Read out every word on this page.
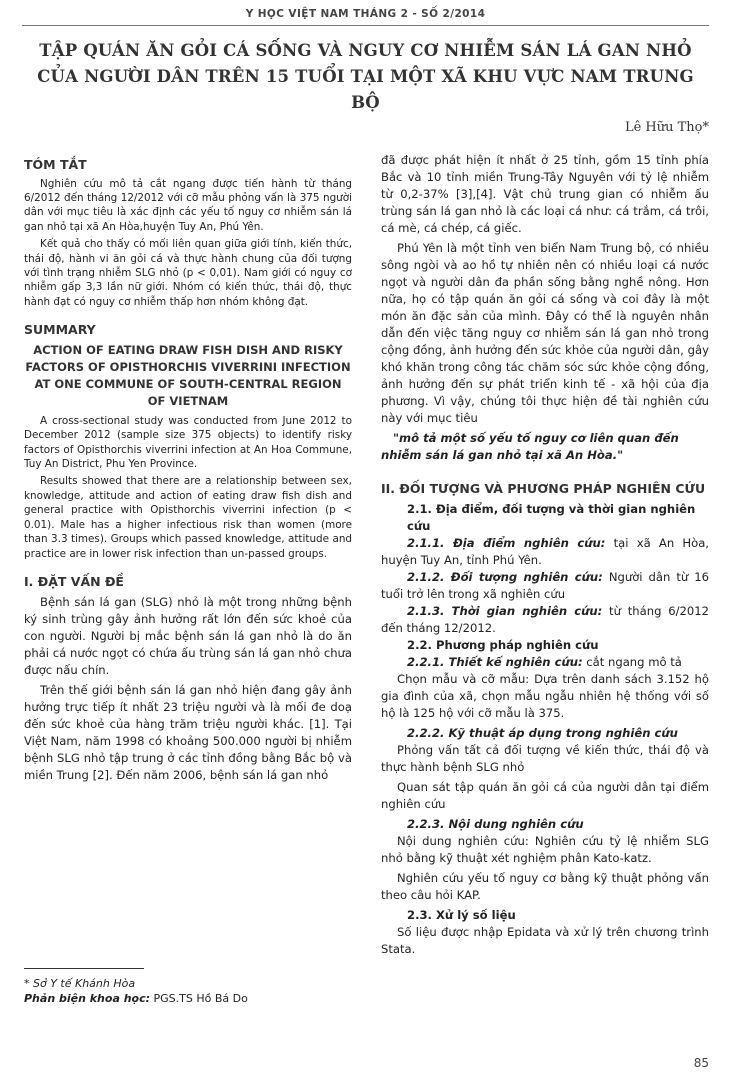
Y HỌC VIỆT NAM THÁNG 2 - SỐ 2/2014
TẬP QUÁN ĂN GỎI CÁ SỐNG VÀ NGUY CƠ NHIỄM SÁN LÁ GAN NHỎ
CỦA NGƯỜI DÂN TRÊN 15 TUỔI TẠI MỘT XÃ KHU VỰC NAM TRUNG BỘ
Lê Hữu Thọ*
TÓM TẮT

Nghiên cứu mô tả cắt ngang được tiến hành từ tháng 6/2012 đến tháng 12/2012 với cỡ mẫu phỏng vấn là 375 người dân với mục tiêu là xác định các yếu tố nguy cơ nhiễm sán lá gan nhỏ tại xã An Hòa,huyện Tuy An, Phú Yên.

Kết quả cho thấy có mối liên quan giữa giới tính, kiến thức, thái độ, hành vi ăn gỏi cá và thực hành chung của đối tượng với tình trạng nhiễm SLG nhỏ (p < 0,01). Nam giới có nguy cơ nhiễm gấp 3,3 lần nữ giới. Nhóm có kiến thức, thái độ, thực hành đạt có nguy cơ nhiễm thấp hơn nhóm không đạt.

SUMMARY
ACTION OF EATING DRAW FISH DISH AND RISKY FACTORS OF OPISTHORCHIS VIVERRINI INFECTION AT ONE COMMUNE OF SOUTH-CENTRAL REGION OF VIETNAM

A cross-sectional study was conducted from June 2012 to December 2012 (sample size 375 objects) to identify risky factors of Opisthorchis viverrini infection at An Hoa Commune, Tuy An District, Phu Yen Province.

Results showed that there are a relationship between sex, knowledge, attitude and action of eating draw fish dish and general practice with Opisthorchis viverrini infection (p < 0.01). Male has a higher infectious risk than women (more than 3.3 times). Groups which passed knowledge, attitude and practice are in lower risk infection than un-passed groups.

I. ĐẶT VẤN ĐỀ

Bệnh sán lá gan (SLG) nhỏ là một trong những bệnh ký sinh trùng gây ảnh hưởng rất lớn đến sức khoẻ của con người. Người bị mắc bệnh sán lá gan nhỏ là do ăn phải cá nước ngọt có chứa ấu trùng sán lá gan nhỏ chưa được nấu chín.

Trên thế giới bệnh sán lá gan nhỏ hiện đang gây ảnh hưởng trực tiếp ít nhất 23 triệu người và là mối đe doạ đến sức khoẻ của hàng trăm triệu người khác. [1]. Tại Việt Nam, năm 1998 có khoảng 500.000 người bị nhiễm bệnh SLG nhỏ tập trung ở các tỉnh đồng bằng Bắc bộ và miền Trung [2]. Đến năm 2006, bệnh sán lá gan nhỏ

* Sở Y tế Khánh Hòa
Phản biện khoa học: PGS.TS Hồ Bá Do

đã được phát hiện ít nhất ở 25 tỉnh, gồm 15 tỉnh phía Bắc và 10 tỉnh miền Trung-Tây Nguyên với tỷ lệ nhiễm từ 0,2-37% [3],[4]. Vật chủ trung gian có nhiễm ấu trùng sán lá gan nhỏ là các loại cá như: cá trắm, cá trôi, cá mè, cá chép, cá giếc.

Phú Yên là một tỉnh ven biển Nam Trung bộ, có nhiều sông ngòi và ao hồ tự nhiên nên có nhiều loại cá nước ngọt và người dân đa phần sống bằng nghề nông. Hơn nữa, họ có tập quán ăn gỏi cá sống và coi đây là một món ăn đặc sản của mình. Đây có thể là nguyên nhân dẫn đến việc tăng nguy cơ nhiễm sán lá gan nhỏ trong cộng đồng, ảnh hưởng đến sức khỏe của người dân, gây khó khăn trong công tác chăm sóc sức khỏe cộng đồng, ảnh hưởng đến sự phát triển kinh tế - xã hội của địa phương. Vì vậy, chúng tôi thực hiện đề tài nghiên cứu này với mục tiêu

"mô tả một số yếu tố nguy cơ liên quan đến nhiễm sán lá gan nhỏ tại xã An Hòa."
II. ĐỐI TƯỢNG VÀ PHƯƠNG PHÁP NGHIÊN CỨU
2.1. Địa điểm, đối tượng và thời gian nghiên cứu

2.1.1. Địa điểm nghiên cứu: tại xã An Hòa, huyện Tuy An, tỉnh Phú Yên.

2.1.2. Đối tượng nghiên cứu: Người dân từ 16 tuổi trở lên trong xã nghiên cứu

2.1.3. Thời gian nghiên cứu: từ tháng 6/2012 đến tháng 12/2012.

2.2. Phương pháp nghiên cứu

2.2.1. Thiết kế nghiên cứu: cắt ngang mô tả

Chọn mẫu và cỡ mẫu: Dựa trên danh sách 3.152 hộ gia đình của xã, chọn mẫu ngẫu nhiên hệ thống với số hộ là 125 hộ với cỡ mẫu là 375.

2.2.2. Kỹ thuật áp dụng trong nghiên cứu

Phỏng vấn tất cả đối tượng về kiến thức, thái độ và thực hành bệnh SLG nhỏ

Quan sát tập quán ăn gỏi cá của người dân tại điểm nghiên cứu

2.2.3. Nội dung nghiên cứu

Nội dung nghiên cứu: Nghiên cứu tỷ lệ nhiễm SLG nhỏ bằng kỹ thuật xét nghiệm phân Kato-katz.

Nghiên cứu yếu tố nguy cơ bằng kỹ thuật phỏng vấn theo câu hỏi KAP.

2.3. Xử lý số liệu

Số liệu được nhập Epidata và xử lý trên chương trình Stata.

85
